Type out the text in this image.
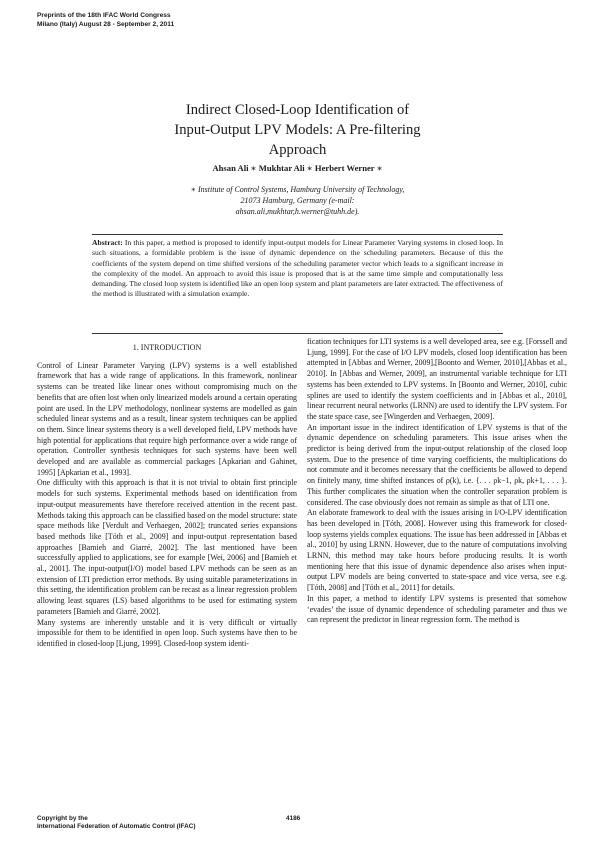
Preprints of the 18th IFAC World Congress
Milano (Italy) August 28 - September 2, 2011
Indirect Closed-Loop Identification of
Input-Output LPV Models: A Pre-filtering
Approach
Ahsan Ali ∗ Mukhtar Ali ∗ Herbert Werner ∗
∗ Institute of Control Systems, Hamburg University of Technology,
21073 Hamburg, Germany (e-mail:
ahsan.ali,mukhtar,h.werner@tuhh.de).
Abstract: In this paper, a method is proposed to identify input-output models for Linear Parameter Varying systems in closed loop. In such situations, a formidable problem is the issue of dynamic dependence on the scheduling parameters. Because of this the coefficients of the system depend on time shifted versions of the scheduling parameter vector which leads to a significant increase in the complexity of the model. An approach to avoid this issue is proposed that is at the same time simple and computationally less demanding. The closed loop system is identified like an open loop system and plant parameters are later extracted. The effectiveness of the method is illustrated with a simulation example.

1. INTRODUCTION

Control of Linear Parameter Varying (LPV) systems is a well established framework that has a wide range of applications. In this framework, nonlinear systems can be treated like linear ones without compromising much on the benefits that are often lost when only linearized models around a certain operating point are used. In the LPV methodology, nonlinear systems are modelled as gain scheduled linear systems and as a result, linear system techniques can be applied on them. Since linear systems theory is a well developed field, LPV methods have high potential for applications that require high performance over a wide range of operation. Controller synthesis techniques for such systems have been well developed and are available as commercial packages [Apkarian and Gahinet, 1995] [Apkarian et al., 1993].

One difficulty with this approach is that it is not trivial to obtain first principle models for such systems. Experimental methods based on identification from input-output measurements have therefore received attention in the recent past. Methods taking this approach can be classified based on the model structure: state space methods like [Verdult and Verhaegen, 2002]; truncated series expansions based methods like [Tóth et al., 2009] and input-output representation based approaches [Bamieh and Giarré, 2002]. The last mentioned have been successfully applied to applications, see for example [Wei, 2006] and [Bamieh et al., 2001]. The input-output(I/O) model based LPV methods can be seen as an extension of LTI prediction error methods. By using suitable parameterizations in this setting, the identification problem can be recast as a linear regression problem allowing least squares (LS) based algorithms to be used for estimating system parameters [Bamieh and Giarré, 2002].

Many systems are inherently unstable and it is very difficult or virtually impossible for them to be identified in open loop. Such systems have then to be identified in closed-loop [Ljung, 1999]. Closed-loop system identi-

fication techniques for LTI systems is a well developed area, see e.g. [Forssell and Ljung, 1999]. For the case of I/O LPV models, closed loop identification has been attempted in [Abbas and Werner, 2009],[Boonto and Werner, 2010],[Abbas et al., 2010]. In [Abbas and Werner, 2009], an instrumental variable technique for LTI systems has been extended to LPV systems. In [Boonto and Werner, 2010], cubic splines are used to identify the system coefficients and in [Abbas et al., 2010], linear recurrent neural networks (LRNN) are used to identify the LPV system. For the state space case, see [Wingerden and Verhaegen, 2009].

An important issue in the indirect identification of LPV systems is that of the dynamic dependence on scheduling parameters. This issue arises when the predictor is being derived from the input-output relationship of the closed loop system. Due to the presence of time varying coefficients, the multiplications do not commute and it becomes necessary that the coefficients be allowed to depend on finitely many, time shifted instances of ρ(k), i.e. {. . . ρk−1, ρk, ρk+1, . . . }. This further complicates the situation when the controller separation problem is considered. The case obviously does not remain as simple as that of LTI one.

An elaborate framework to deal with the issues arising in I/O-LPV identification has been developed in [Tóth, 2008]. However using this framework for closed-loop systems yields complex equations. The issue has been addressed in [Abbas et al., 2010] by using LRNN. However, due to the nature of computations involving LRNN, this method may take hours before producing results. It is worth mentioning here that this issue of dynamic dependence also arises when input-output LPV models are being converted to state-space and vice versa, see e.g. [Tóth, 2008] and [Tóth et al., 2011] for details.

In this paper, a method to identify LPV systems is presented that somehow ‘evades’ the issue of dynamic dependence of scheduling parameter and thus we can represent the predictor in linear regression form. The method is

Copyright by the
International Federation of Automatic Control (IFAC)
4186
